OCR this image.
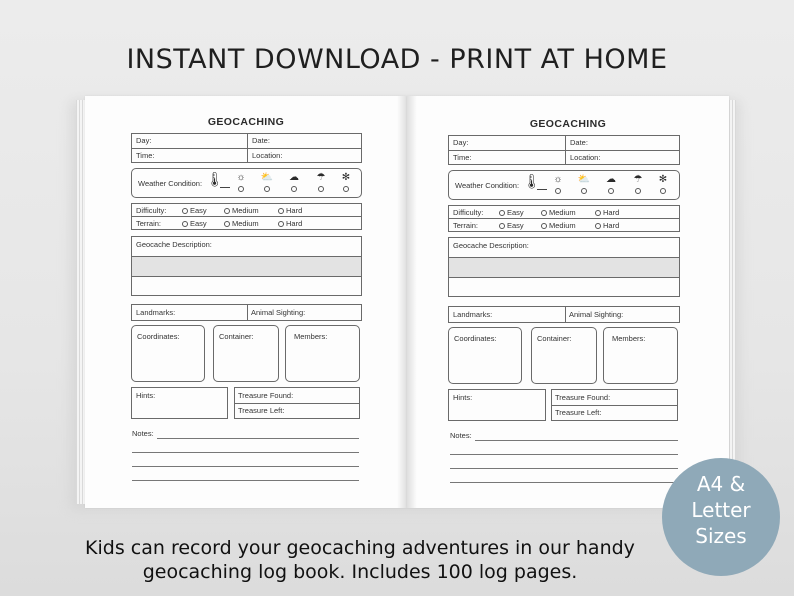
INSTANT DOWNLOAD - PRINT AT HOME
GEOCACHING
Day:	Date:
Time:	Location:
Weather Condition: 🌡 ☼ ⛅ ☁ ☂ ✻
Difficulty:	Easy	Medium	Hard
Terrain:	Easy	Medium	Hard
Geocache Description:
Landmarks:	Animal Sighting:
Coordinates:	Container:	Members:
Hints:	Treasure Found:
Treasure Left:
Notes:
GEOCACHING
Day:	Date:
Time:	Location:
Weather Condition: 🌡 ☼ ⛅ ☁ ☂ ✻
Difficulty:	Easy	Medium	Hard
Terrain:	Easy	Medium	Hard
Geocache Description:
Landmarks:	Animal Sighting:
Coordinates:	Container:	Members:
Hints:	Treasure Found:
Treasure Left:
Notes:
A4 &
Letter
Sizes
Kids can record your geocaching adventures in our handy
geocaching log book. Includes 100 log pages.
